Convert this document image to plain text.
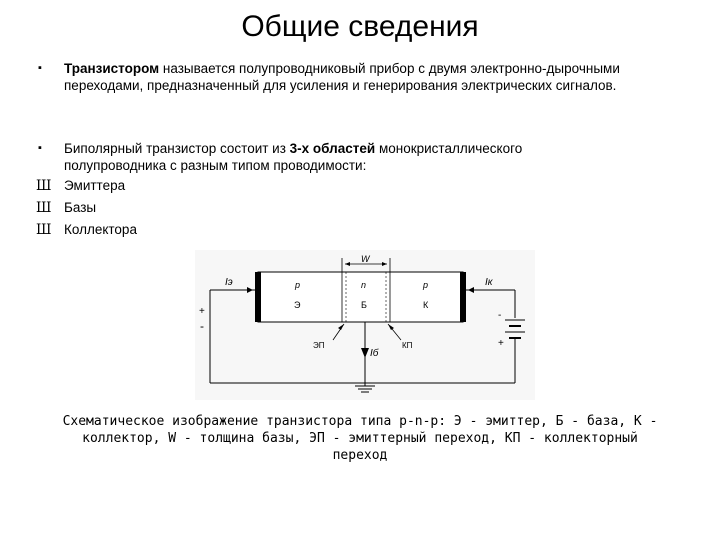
Общие сведения
▪ Транзистором называется полупроводниковый прибор с двумя электронно-дырочными переходами, предназначенный для усиления и генерирования электрических сигналов.
▪ Биполярный транзистор состоит из 3-х областей монокристаллического полупроводника с разным типом проводимости:
Ш Эмиттера
Ш Базы
Ш Коллектора
W
p
Э
n
Б
p
К
Iэ
+
-
Iк
-
+
ЭП	КП
Iб
Схематическое изображение транзистора типа p-n-p: Э - эмиттер, Б - база, К - коллектор, W - толщина базы, ЭП - эмиттерный переход, КП - коллекторный переход
